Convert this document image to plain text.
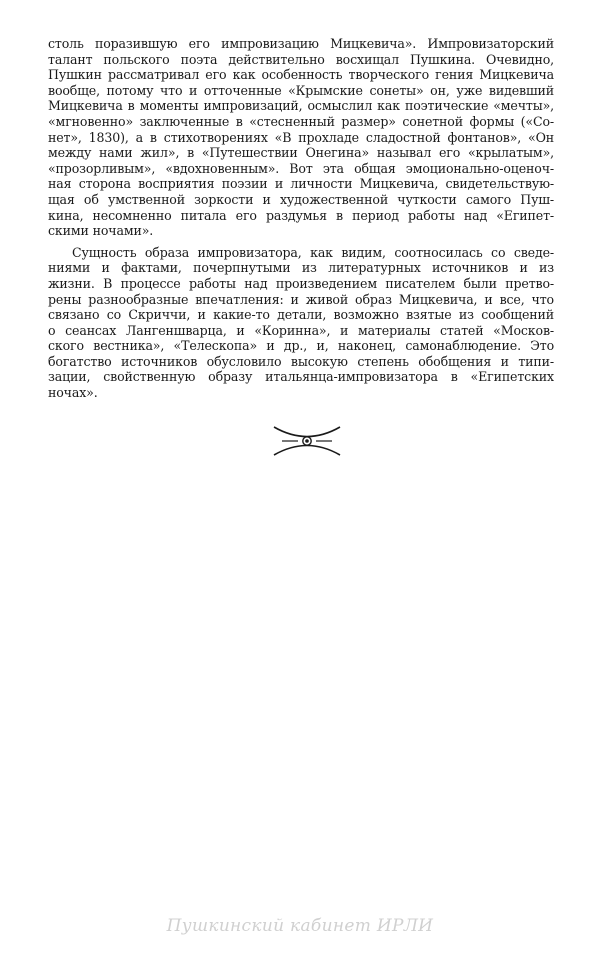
столь поразившую его импровизацию Мицкевича». Импровизаторский
талант польского поэта действительно восхищал Пушкина. Очевидно,
Пушкин рассматривал его как особенность творческого гения Мицкевича
вообще, потому что и отточенные «Крымские сонеты» он, уже видевший
Мицкевича в моменты импровизаций, осмыслил как поэтические «мечты»,
«мгновенно» заключенные в «стесненный размер» сонетной формы («Со-
нет», 1830), а в стихотворениях «В прохладе сладостной фонтанов», «Он
между нами жил», в «Путешествии Онегина» называл его «крылатым»,
«прозорливым», «вдохновенным». Вот эта общая эмоционально-оценоч-
ная сторона восприятия поэзии и личности Мицкевича, свидетельствую-
щая об умственной зоркости и художественной чуткости самого Пуш-
кина, несомненно питала его раздумья в период работы над «Египет-
скими ночами».
Сущность образа импровизатора, как видим, соотносилась со сведе-
ниями и фактами, почерпнутыми из литературных источников и из
жизни. В процессе работы над произведением писателем были претво-
рены разнообразные впечатления: и живой образ Мицкевича, и все, что
связано со Скриччи, и какие-то детали, возможно взятые из сообщений
о сеансах Лангеншварца, и «Коринна», и материалы статей «Москов-
ского вестника», «Телескопа» и др., и, наконец, самонаблюдение. Это
богатство источников обусловило высокую степень обобщения и типи-
зации, свойственную образу итальянца-импровизатора в «Египетских
ночах».
Пушкинский кабинет ИРЛИ
